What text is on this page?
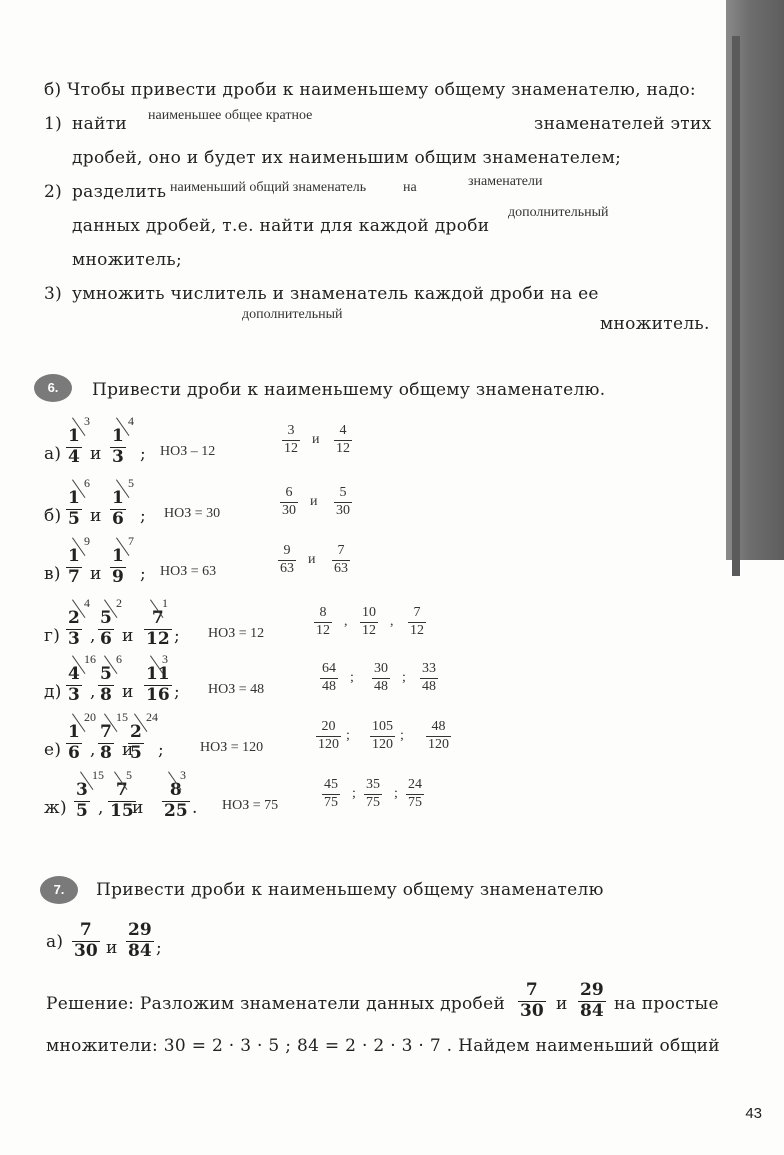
б) Чтобы привести дроби к наименьшему общему знаменателю, надо:
1) найти наименьшее общее кратное	знаменателей этих
дробей, оно и будет их наименьшим общим знаменателем;
2) разделить наименьший общий знаменатель	на	знаменатели
данных дробей, т.е. найти для каждой дроби
дополнительный
множитель;
3) умножить числитель и знаменатель каждой дроби на ее
дополнительный	множитель.
6.	Привести дроби к наименьшему общему знаменателю.
$а) \frac{1}{4}$
3
и $\frac{1}{3}$
4
; НОЗ – 12	$\frac{3}{12}$ и $\frac{4}{12}$
$б) \frac{1}{5}$
6
и $\frac{1}{6}$
5
; НОЗ = 30	$\frac{6}{30}$ и $\frac{5}{30}$
$в) \frac{1}{7}$
9
и $\frac{1}{9}$
7
; НОЗ = 63	$\frac{9}{63}$ и $\frac{7}{63}$
$г) \frac{2}{3}$
4
, $\frac{5}{6}$
2
и $\frac{7}{12}$
1
; НОЗ = 12	$\frac{8}{12}$ , $\frac{10}{12}$ , $\frac{7}{12}$
$д) \frac{4}{3}$
16
, $\frac{5}{8}$
6
и $\frac{11}{16}$
3
; НОЗ = 48	$\frac{64}{48}$ ; $\frac{30}{48}$ ; $\frac{33}{48}$
$е) \frac{1}{6}$
20
, $\frac{7}{8}$
15
и
$\frac{2}{5}$
24
;	НОЗ = 120	$\frac{20}{120}$ ; $\frac{105}{120}$ ; $\frac{48}{120}$
$ж) \frac{3}{5}$
15
, $\frac{7}{15}$
5
и $\frac{8}{25}$
3
. НОЗ = 75	$\frac{45}{75}$ ; $\frac{35}{75}$ ; $\frac{24}{75}$
7.	Привести дроби к наименьшему общему знаменателю
$а) \frac{7}{30}$ и $\frac{29}{84}$ ;
Решение: Разложим знаменатели данных дробей $\frac{7}{30}$ и $\frac{29}{84}$ на простые
множители: 30 = 2 · 3 · 5 ; 84 = 2 · 2 · 3 · 7 . Найдем наименьший общий
43
